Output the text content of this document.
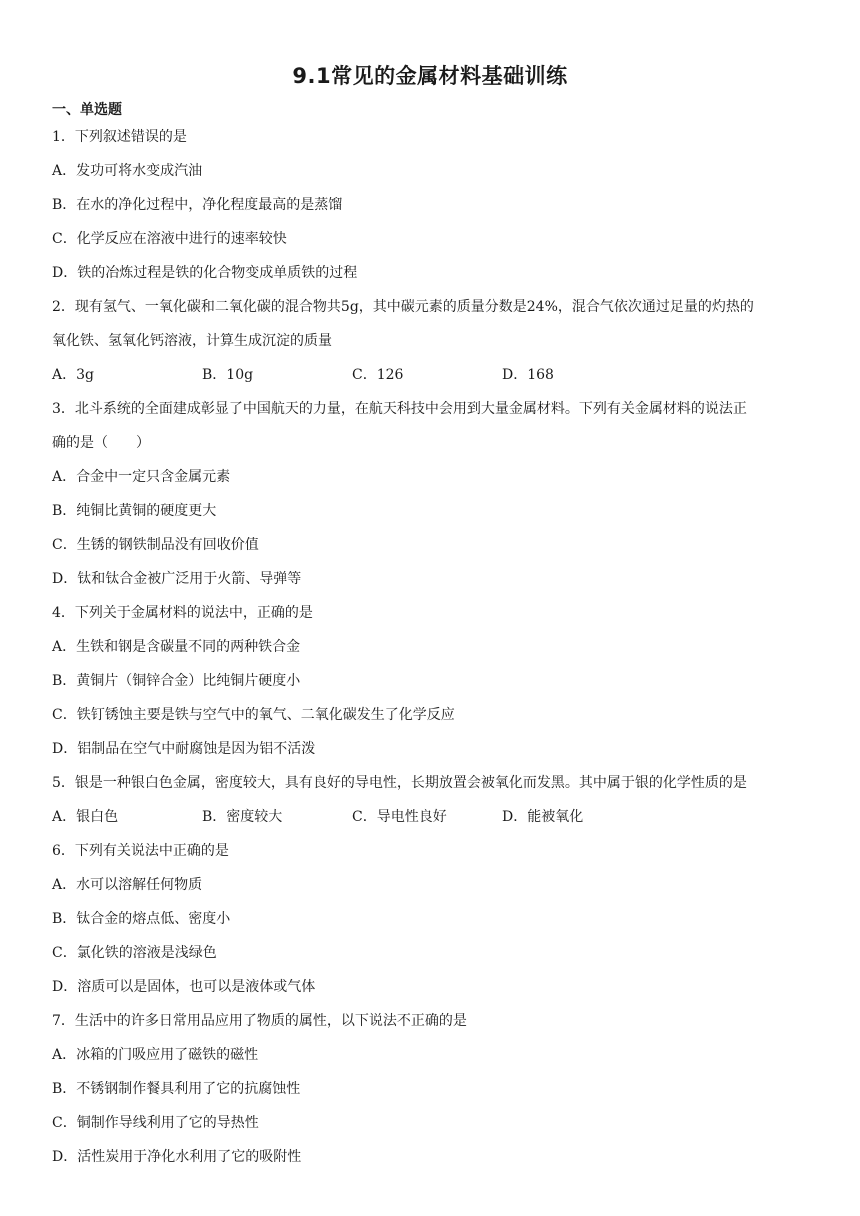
9.1常见的金属材料基础训练
一、单选题
1．下列叙述错误的是
A．发功可将水变成汽油
B．在水的净化过程中，净化程度最高的是蒸馏
C．化学反应在溶液中进行的速率较快
D．铁的冶炼过程是铁的化合物变成单质铁的过程
2．现有氢气、一氧化碳和二氧化碳的混合物共5g，其中碳元素的质量分数是24%，混合气依次通过足量的灼热的
氧化铁、氢氧化钙溶液，计算生成沉淀的质量
A．3g	B．10g	C．126	D．168
3．北斗系统的全面建成彰显了中国航天的力量，在航天科技中会用到大量金属材料。下列有关金属材料的说法正
确的是（　　）
A．合金中一定只含金属元素
B．纯铜比黄铜的硬度更大
C．生锈的钢铁制品没有回收价值
D．钛和钛合金被广泛用于火箭、导弹等
4．下列关于金属材料的说法中，正确的是
A．生铁和钢是含碳量不同的两种铁合金
B．黄铜片（铜锌合金）比纯铜片硬度小
C．铁钉锈蚀主要是铁与空气中的氧气、二氧化碳发生了化学反应
D．铝制品在空气中耐腐蚀是因为铝不活泼
5．银是一种银白色金属，密度较大，具有良好的导电性，长期放置会被氧化而发黑。其中属于银的化学性质的是
A．银白色	B．密度较大	C．导电性良好	D．能被氧化
6．下列有关说法中正确的是
A．水可以溶解任何物质
B．钛合金的熔点低、密度小
C．氯化铁的溶液是浅绿色
D．溶质可以是固体，也可以是液体或气体
7．生活中的许多日常用品应用了物质的属性，以下说法不正确的是
A．冰箱的门吸应用了磁铁的磁性
B．不锈钢制作餐具利用了它的抗腐蚀性
C．铜制作导线利用了它的导热性
D．活性炭用于净化水利用了它的吸附性
